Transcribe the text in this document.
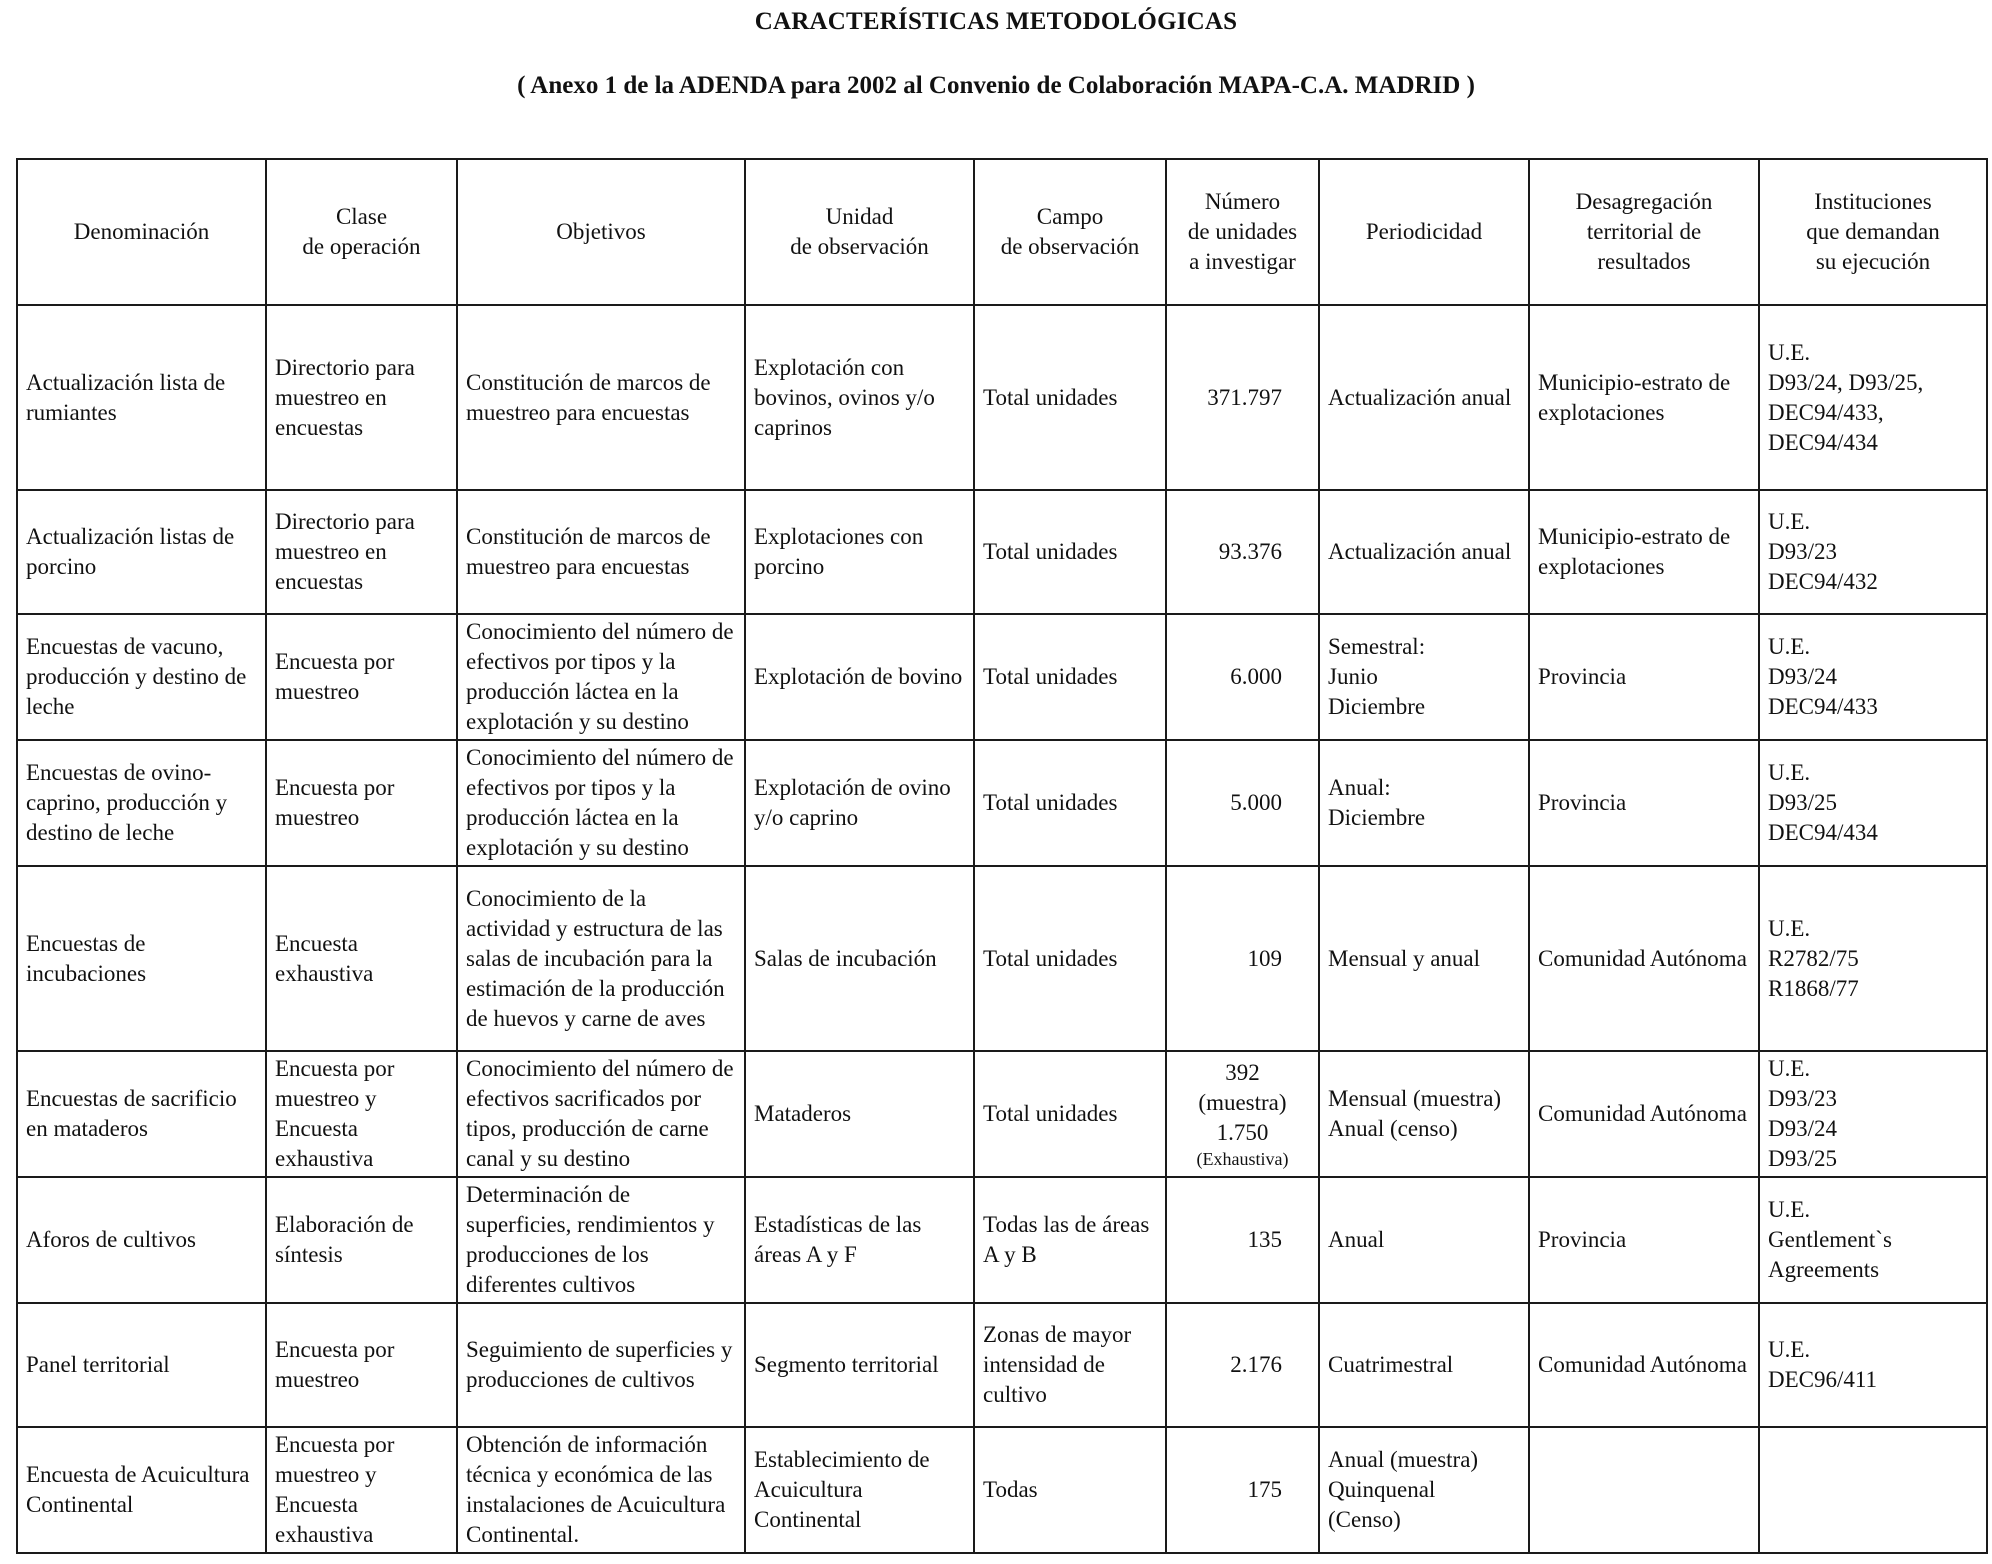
CARACTERÍSTICAS METODOLÓGICAS
( Anexo 1 de la ADENDA para 2002 al Convenio de Colaboración MAPA-C.A. MADRID )
Denominación	Clase
de operación	Objetivos	Unidad
de observación	Campo
de observación	Número
de unidades
a investigar	Periodicidad	Desagregación
territorial de
resultados	Instituciones
que demandan
su ejecución

Actualización lista de rumiantes	Directorio para muestreo en encuestas	Constitución de marcos de muestreo para encuestas	Explotación con bovinos, ovinos y/o caprinos	Total unidades	371.797	Actualización anual	Municipio-estrato de explotaciones	U.E.
D93/24, D93/25,
DEC94/433,
DEC94/434

Actualización listas de porcino	Directorio para muestreo en encuestas	Constitución de marcos de muestreo para encuestas	Explotaciones con porcino	Total unidades	93.376	Actualización anual	Municipio-estrato de explotaciones	U.E.
D93/23
DEC94/432

Encuestas de vacuno, producción y destino de leche	Encuesta por muestreo	Conocimiento del número de efectivos por tipos y la producción láctea en la explotación y su destino	Explotación de bovino	Total unidades	6.000	Semestral:
Junio
Diciembre	Provincia	U.E.
D93/24
DEC94/433

Encuestas de ovino-caprino, producción y destino de leche	Encuesta por muestreo	Conocimiento del número de efectivos por tipos y la producción láctea en la explotación y su destino	Explotación de ovino y/o caprino	Total unidades	5.000	Anual:
Diciembre	Provincia	U.E.
D93/25
DEC94/434

Encuestas de incubaciones	Encuesta exhaustiva	Conocimiento de la actividad y estructura de las salas de incubación para la estimación de la producción de huevos y carne de aves	Salas de incubación	Total unidades	109	Mensual y anual	Comunidad Autónoma	U.E.
R2782/75
R1868/77

Encuestas de sacrificio en mataderos	Encuesta por muestreo y Encuesta exhaustiva	Conocimiento del número de efectivos sacrificados por tipos, producción de carne canal y su destino	Mataderos	Total unidades	392
(muestra)
1.750
(Exhaustiva)	Mensual (muestra)
Anual (censo)	Comunidad Autónoma	U.E.
D93/23
D93/24
D93/25

Aforos de cultivos	Elaboración de síntesis	Determinación de superficies, rendimientos y producciones de los diferentes cultivos	Estadísticas de las áreas A y F	Todas las de áreas A y B	135	Anual	Provincia	U.E.
Gentlement`s
Agreements

Panel territorial	Encuesta por muestreo	Seguimiento de superficies y producciones de cultivos	Segmento territorial	Zonas de mayor intensidad de cultivo	2.176	Cuatrimestral	Comunidad Autónoma	U.E.
DEC96/411

Encuesta de Acuicultura Continental	Encuesta por muestreo y Encuesta exhaustiva	Obtención de información técnica y económica de las instalaciones de Acuicultura Continental.	Establecimiento de Acuicultura Continental	Todas	175	Anual (muestra)
Quinquenal
(Censo)		
